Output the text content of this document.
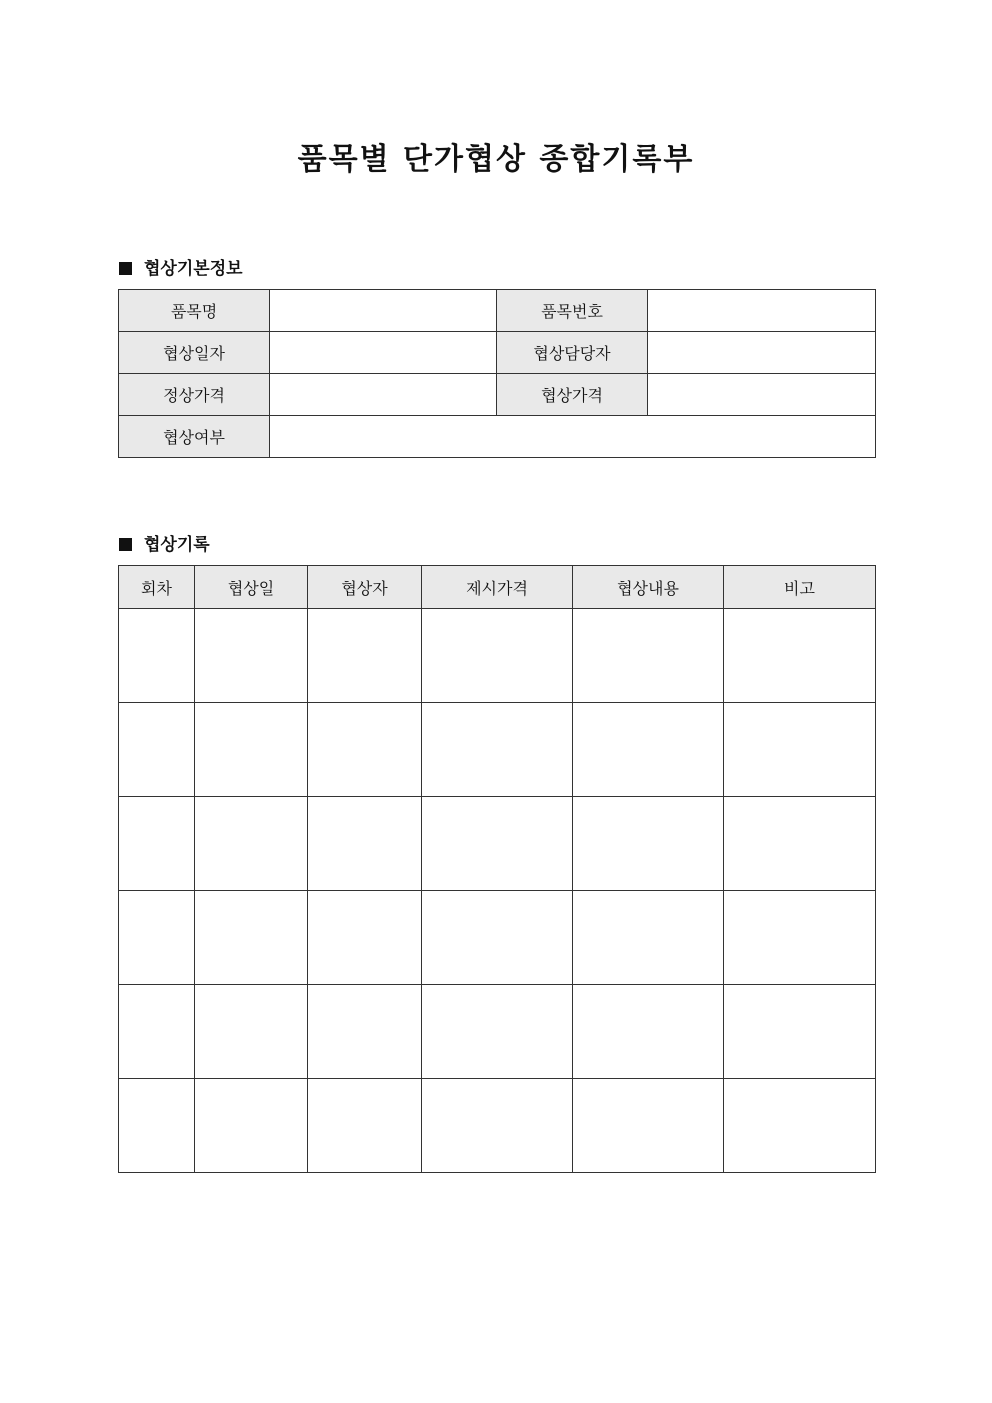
품목별 단가협상 종합기록부
협상기본정보
품목명		품목번호	
협상일자		협상담당자	
정상가격		협상가격	
협상여부			
협상기록
회차	협상일	협상자	제시가격	협상내용	비고
